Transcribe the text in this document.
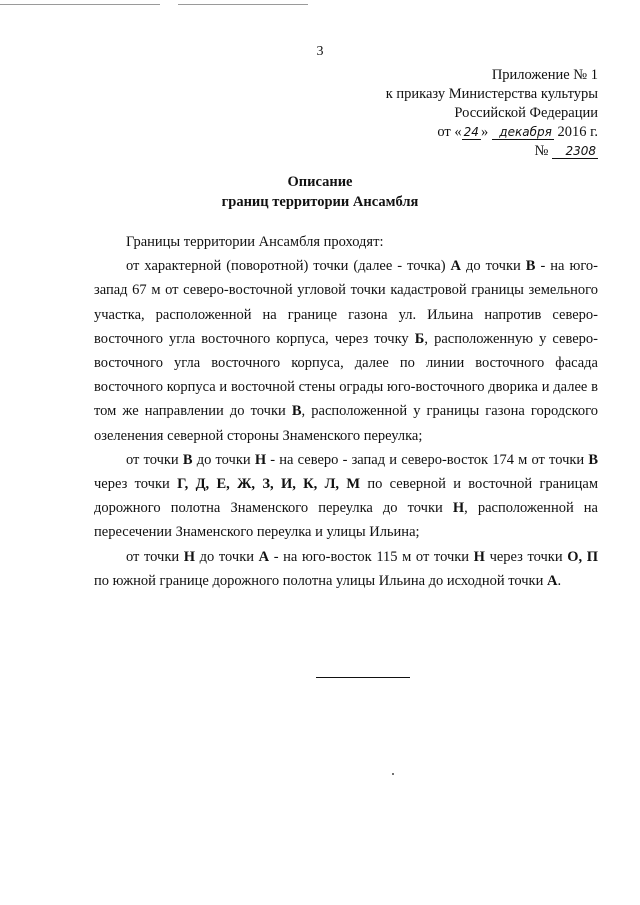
3
Приложение № 1
к приказу Министерства культуры
Российской Федерации
от « 24 » декабря 2016 г.
№ 2308
Описание
границ территории Ансамбля

Границы территории Ансамбля проходят:

от характерной (поворотной) точки (далее - точка) А до точки В - на юго-запад 67 м от северо-восточной угловой точки кадастровой границы земельного участка, расположенной на границе газона ул. Ильина напротив северо-восточного угла восточного корпуса, через точку Б, расположенную у северо-восточного угла восточного корпуса, далее по линии восточного фасада восточного корпуса и восточной стены ограды юго-восточного дворика и далее в том же направлении до точки В, расположенной у границы газона городского озеленения северной стороны Знаменского переулка;

от точки В до точки Н - на северо - запад и северо-восток 174 м от точки В через точки Г, Д, Е, Ж, З, И, К, Л, М по северной и восточной границам дорожного полотна Знаменского переулка до точки Н, расположенной на пересечении Знаменского переулка и улицы Ильина;

от точки Н до точки А - на юго-восток 115 м от точки Н через точки О, П по южной границе дорожного полотна улицы Ильина до исходной точки А.
